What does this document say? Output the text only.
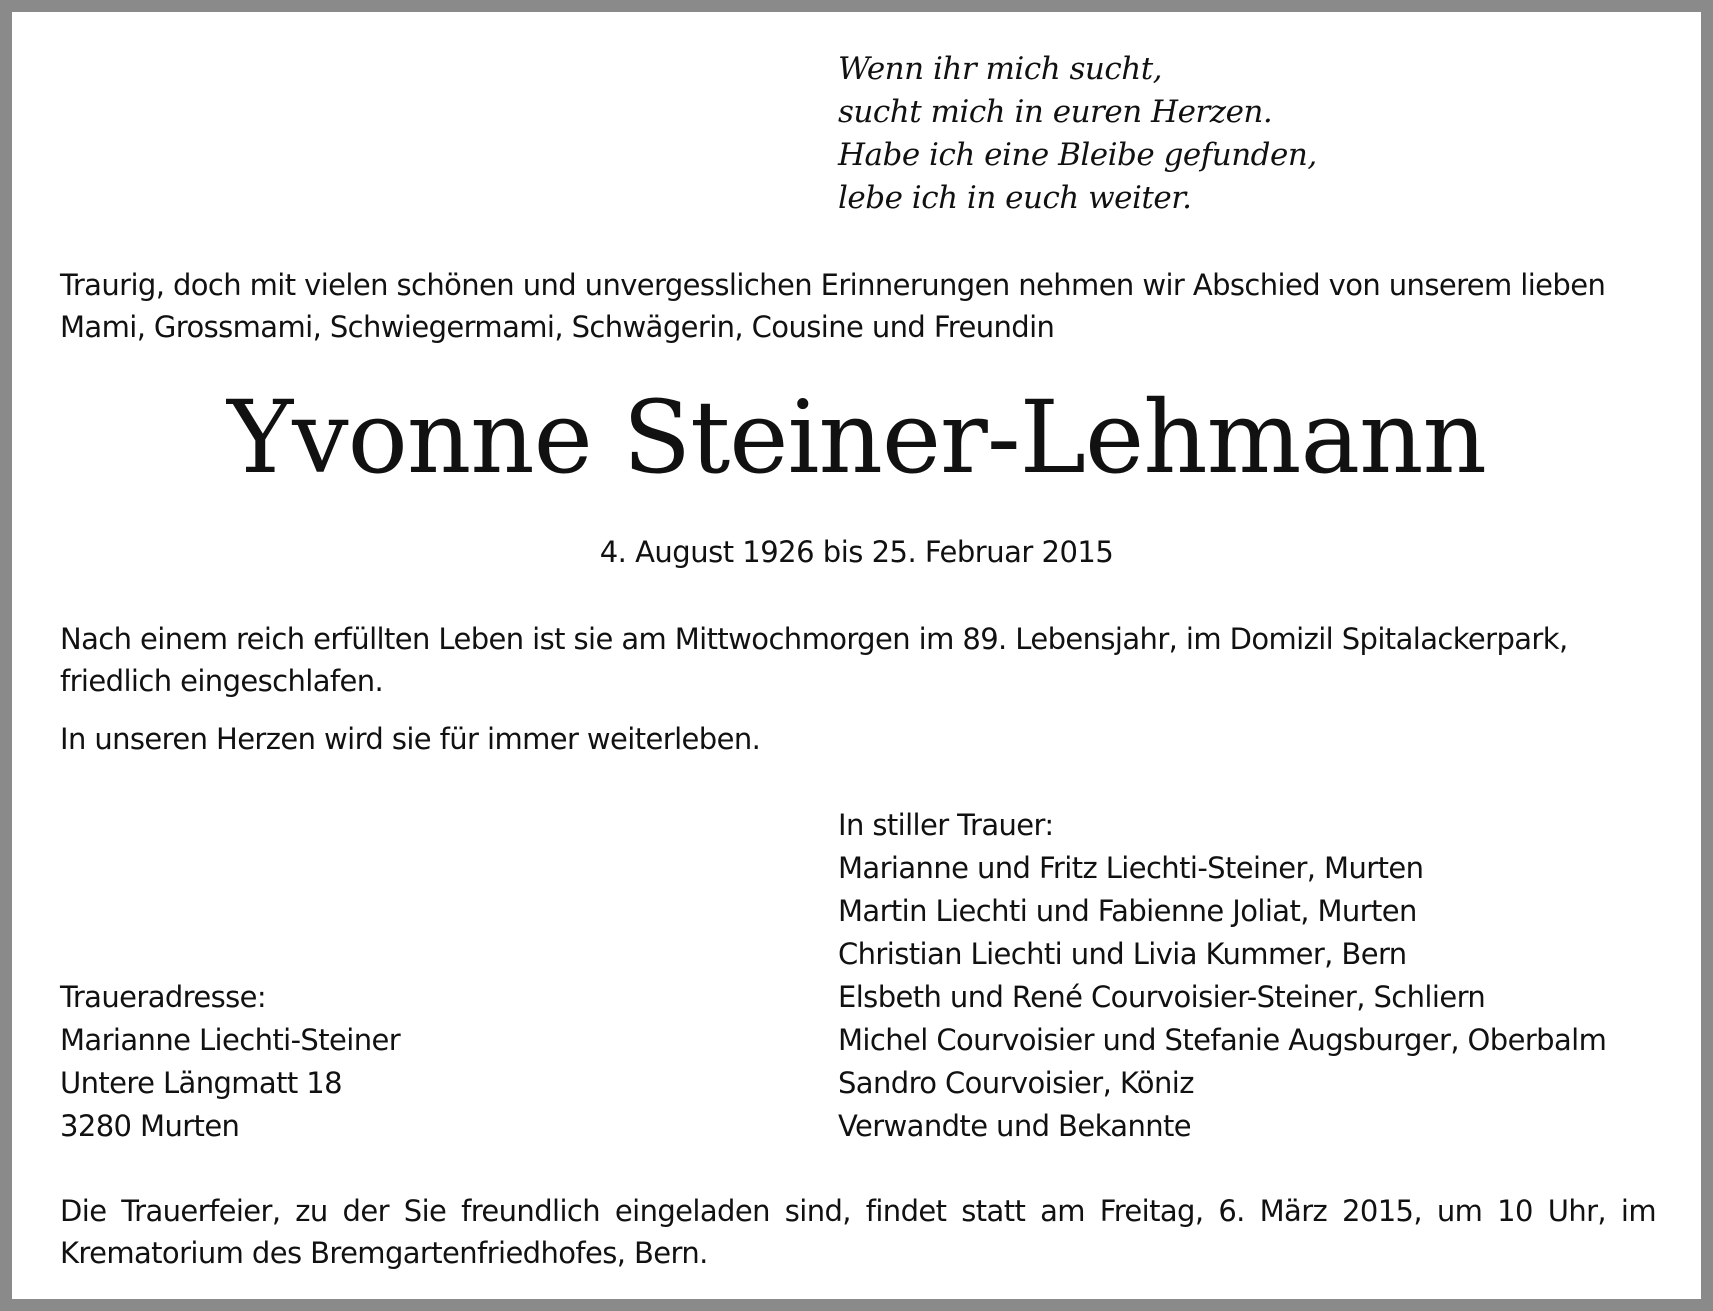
Wenn ihr mich sucht,
sucht mich in euren Herzen.
Habe ich eine Bleibe gefunden,
lebe ich in euch weiter.
Traurig, doch mit vielen schönen und unvergesslichen Erinnerungen nehmen wir Abschied von unserem lieben Mami, Grossmami, Schwiegermami, Schwägerin, Cousine und Freundin
Yvonne Steiner-Lehmann
4. August 1926 bis 25. Februar 2015
Nach einem reich erfüllten Leben ist sie am Mittwochmorgen im 89. Lebensjahr, im Domizil Spitalackerpark, friedlich eingeschlafen.
In unseren Herzen wird sie für immer weiterleben.
In stiller Trauer:
Marianne und Fritz Liechti-Steiner, Murten
Martin Liechti und Fabienne Joliat, Murten
Christian Liechti und Livia Kummer, Bern
Elsbeth und René Courvoisier-Steiner, Schliern
Michel Courvoisier und Stefanie Augsburger, Oberbalm
Sandro Courvoisier, Köniz
Verwandte und Bekannte
Traueradresse:
Marianne Liechti-Steiner
Untere Längmatt 18
3280 Murten
Die Trauerfeier, zu der Sie freundlich eingeladen sind, findet statt am Freitag, 6. März 2015, um 10 Uhr, im Krematorium des Bremgartenfriedhofes, Bern.
